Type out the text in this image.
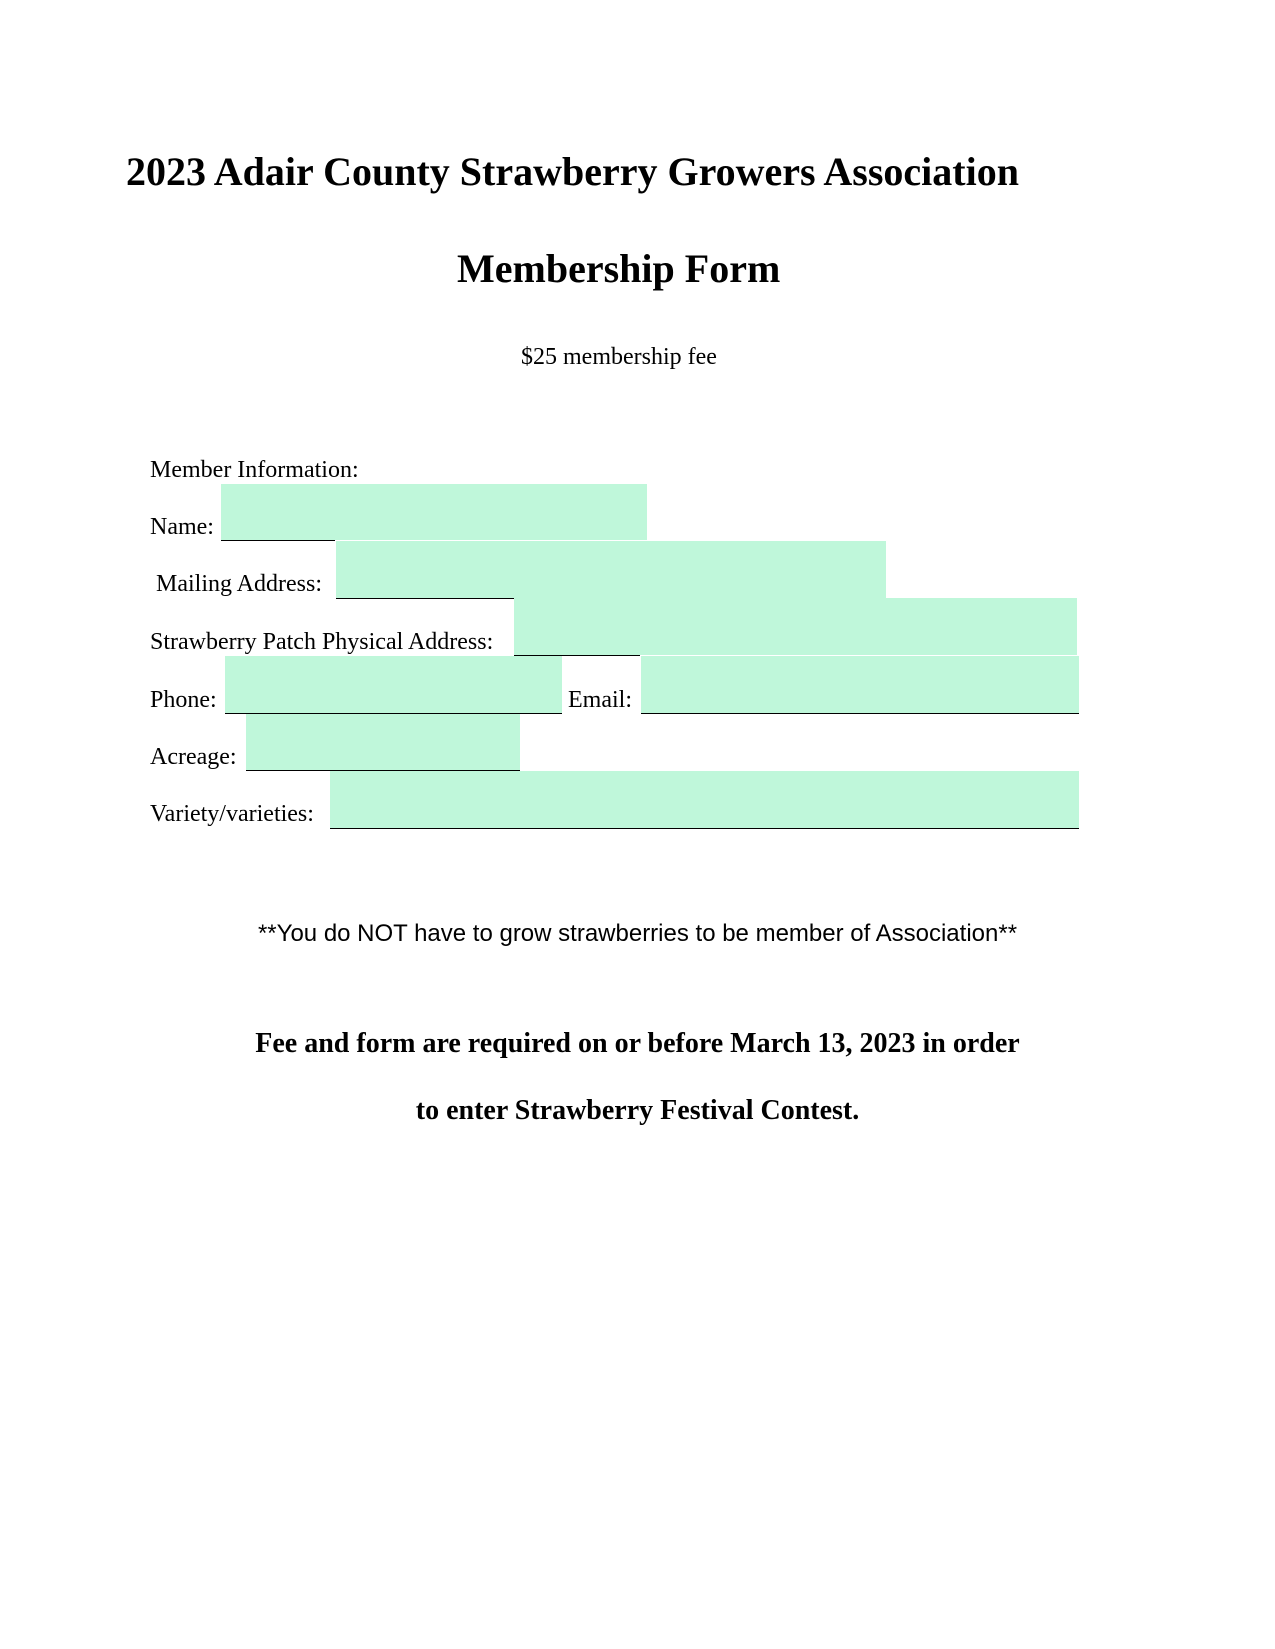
2023 Adair County Strawberry Growers Association
Membership Form
$25 membership fee
Member Information:
Name:
Mailing Address:
Strawberry Patch Physical Address:
Phone:	Email:
Acreage:
Variety/varieties:
**You do NOT have to grow strawberries to be member of Association**
Fee and form are required on or before March 13, 2023 in order
to enter Strawberry Festival Contest.
